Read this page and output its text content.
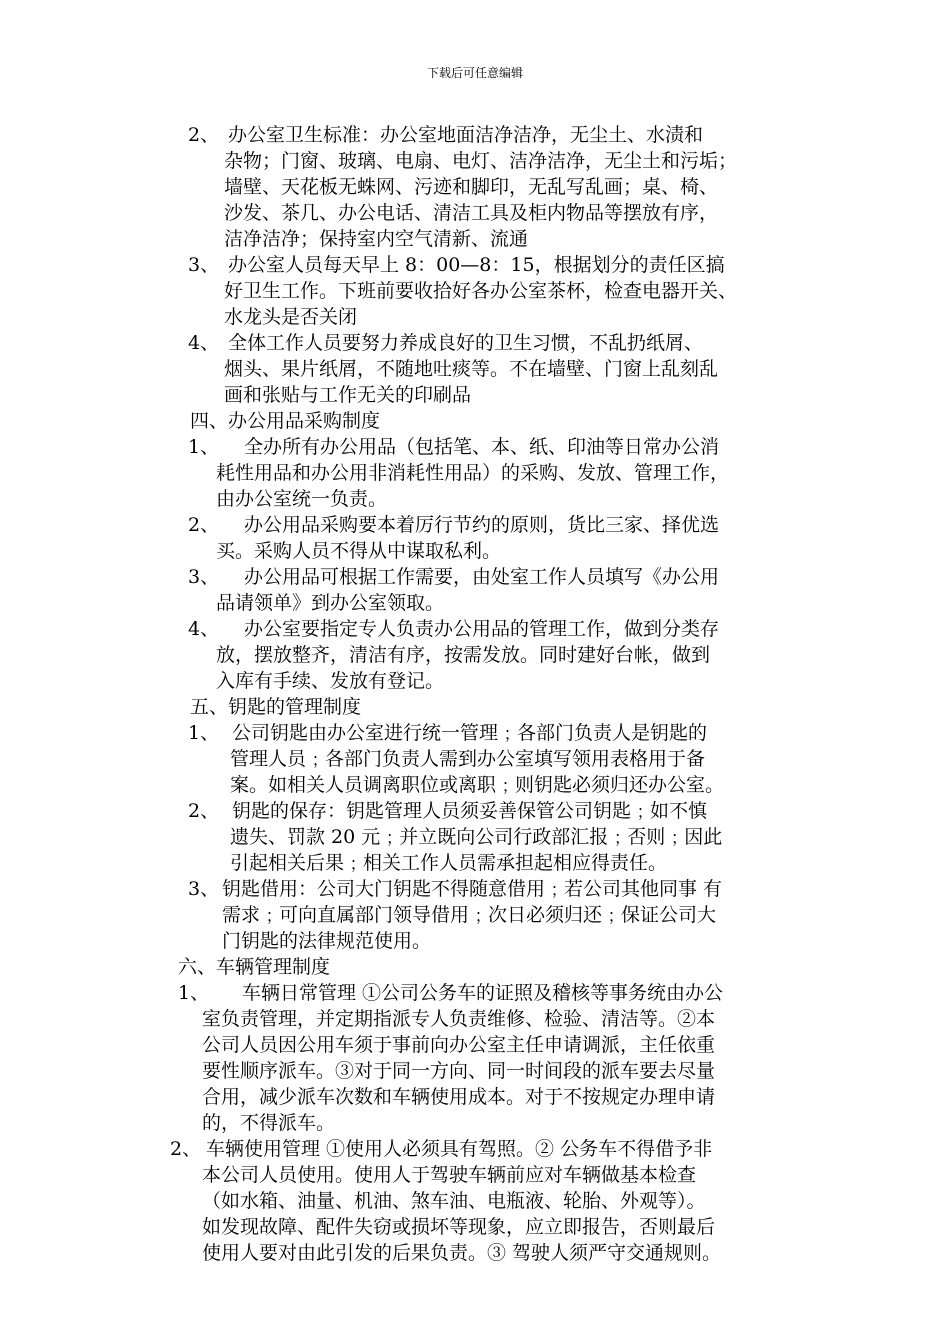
下载后可任意编辑
2、 办公室卫生标准：办公室地面洁净洁净，无尘土、水渍和
杂物；门窗、玻璃、电扇、电灯、洁净洁净，无尘土和污垢；
墙壁、天花板无蛛网、污迹和脚印，无乱写乱画；桌、椅、
沙发、茶几、办公电话、清洁工具及柜内物品等摆放有序，
洁净洁净；保持室内空气清新、流通
3、 办公室人员每天早上 8：00—8：15，根据划分的责任区搞
好卫生工作。下班前要收拾好各办公室茶杯，检查电器开关、
水龙头是否关闭
4、 全体工作人员要努力养成良好的卫生习惯，不乱扔纸屑、
烟头、果片纸屑，不随地吐痰等。不在墙壁、门窗上乱刻乱
画和张贴与工作无关的印刷品
四、办公用品采购制度
1、 全办所有办公用品（包括笔、本、纸、印油等日常办公消
耗性用品和办公用非消耗性用品）的采购、发放、管理工作，
由办公室统一负责。
2、 办公用品采购要本着厉行节约的原则，货比三家、择优选
买。采购人员不得从中谋取私利。
3、 办公用品可根据工作需要，由处室工作人员填写《办公用
品请领单》到办公室领取。
4、 办公室要指定专人负责办公用品的管理工作，做到分类存
放，摆放整齐，清洁有序，按需发放。同时建好台帐，做到
入库有手续、发放有登记。
五、钥匙的管理制度
1、 公司钥匙由办公室进行统一管理﹔各部门负责人是钥匙的
管理人员﹔各部门负责人需到办公室填写领用表格用于备
案。如相关人员调离职位或离职﹔则钥匙必须归还办公室。
2、 钥匙的保存：钥匙管理人员须妥善保管公司钥匙﹔如不慎
遗失、罚款 20 元﹔并立既向公司行政部汇报﹔否则﹔因此
引起相关后果﹔相关工作人员需承担起相应得责任。
3、 钥匙借用：公司大门钥匙不得随意借用﹔若公司其他同事 有
需求﹔可向直属部门领导借用﹔次日必须归还﹔保证公司大
门钥匙的法律规范使用。
六、车辆管理制度
1、 车辆日常管理 ①公司公务车的证照及稽核等事务统由办公
室负责管理，并定期指派专人负责维修、检验、清洁等。②本
公司人员因公用车须于事前向办公室主任申请调派，主任依重
要性顺序派车。③对于同一方向、同一时间段的派车要去尽量
合用，减少派车次数和车辆使用成本。对于不按规定办理申请
的，不得派车。
2、 车辆使用管理 ①使用人必须具有驾照。② 公务车不得借予非
本公司人员使用。使用人于驾驶车辆前应对车辆做基本检查
（如水箱、油量、机油、煞车油、电瓶液、轮胎、外观等）。
如发现故障、配件失窃或损坏等现象，应立即报告，否则最后
使用人要对由此引发的后果负责。③ 驾驶人须严守交通规则。
